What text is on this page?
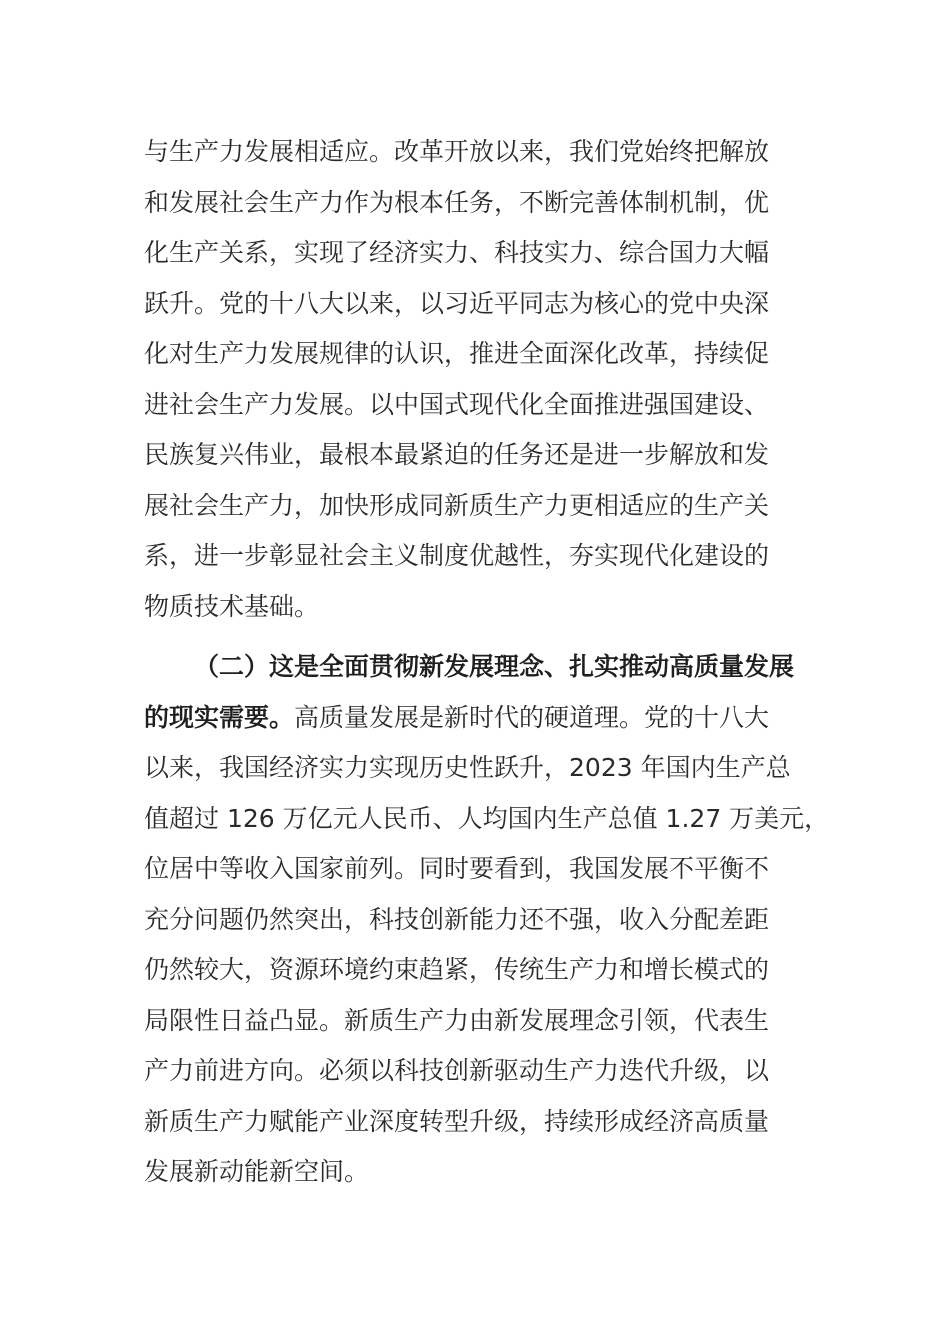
与生产力发展相适应。改革开放以来，我们党始终把解放
和发展社会生产力作为根本任务，不断完善体制机制，优
化生产关系，实现了经济实力、科技实力、综合国力大幅
跃升。党的十八大以来，以习近平同志为核心的党中央深
化对生产力发展规律的认识，推进全面深化改革，持续促
进社会生产力发展。以中国式现代化全面推进强国建设、
民族复兴伟业，最根本最紧迫的任务还是进一步解放和发
展社会生产力，加快形成同新质生产力更相适应的生产关
系，进一步彰显社会主义制度优越性，夯实现代化建设的
物质技术基础。
（二）这是全面贯彻新发展理念、扎实推动高质量发展
的现实需要。高质量发展是新时代的硬道理。党的十八大
以来，我国经济实力实现历史性跃升，2023 年国内生产总
值超过 126 万亿元人民币、人均国内生产总值 1.27 万美元，
位居中等收入国家前列。同时要看到，我国发展不平衡不
充分问题仍然突出，科技创新能力还不强，收入分配差距
仍然较大，资源环境约束趋紧，传统生产力和增长模式的
局限性日益凸显。新质生产力由新发展理念引领，代表生
产力前进方向。必须以科技创新驱动生产力迭代升级，以
新质生产力赋能产业深度转型升级，持续形成经济高质量
发展新动能新空间。
